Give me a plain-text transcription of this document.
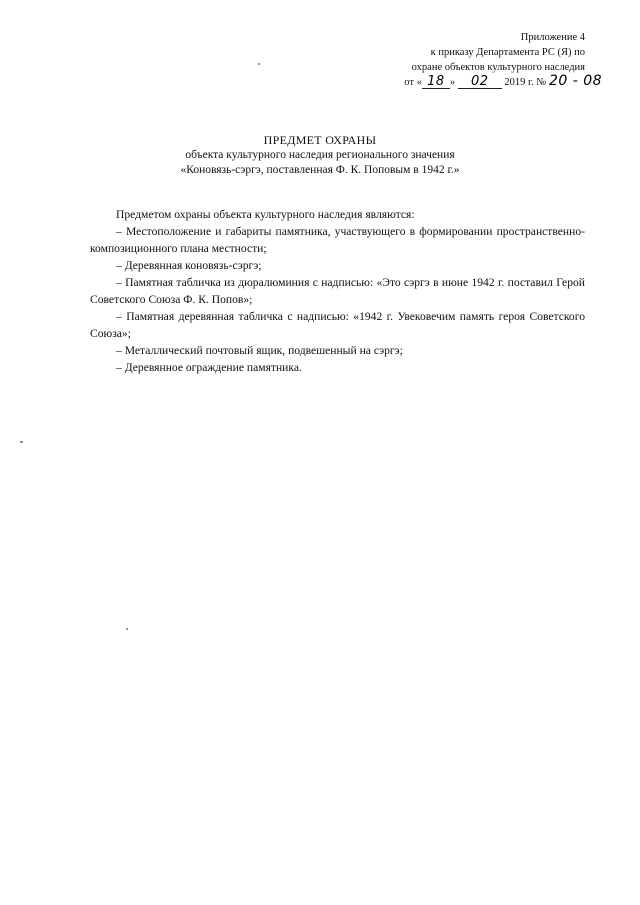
Приложение 4
к приказу Департамента РС (Я) по
охране объектов культурного наследия
от « 18 » 02 2019 г. № 20 - 08
ПРЕДМЕТ ОХРАНЫ
объекта культурного наследия регионального значения
«Коновязь-сэргэ, поставленная Ф. К. Поповым в 1942 г.»

Предметом охраны объекта культурного наследия являются:

– Местоположение и габариты памятника, участвующего в формировании пространственно-композиционного плана местности;

– Деревянная коновязь-сэргэ;

– Памятная табличка из дюралюминия с надписью: «Это сэргэ в июне 1942 г. поставил Герой Советского Союза Ф. К. Попов»;

– Памятная деревянная табличка с надписью: «1942 г. Увековечим память героя Советского Союза»;

– Металлический почтовый ящик, подвешенный на сэргэ;

– Деревянное ограждение памятника.
